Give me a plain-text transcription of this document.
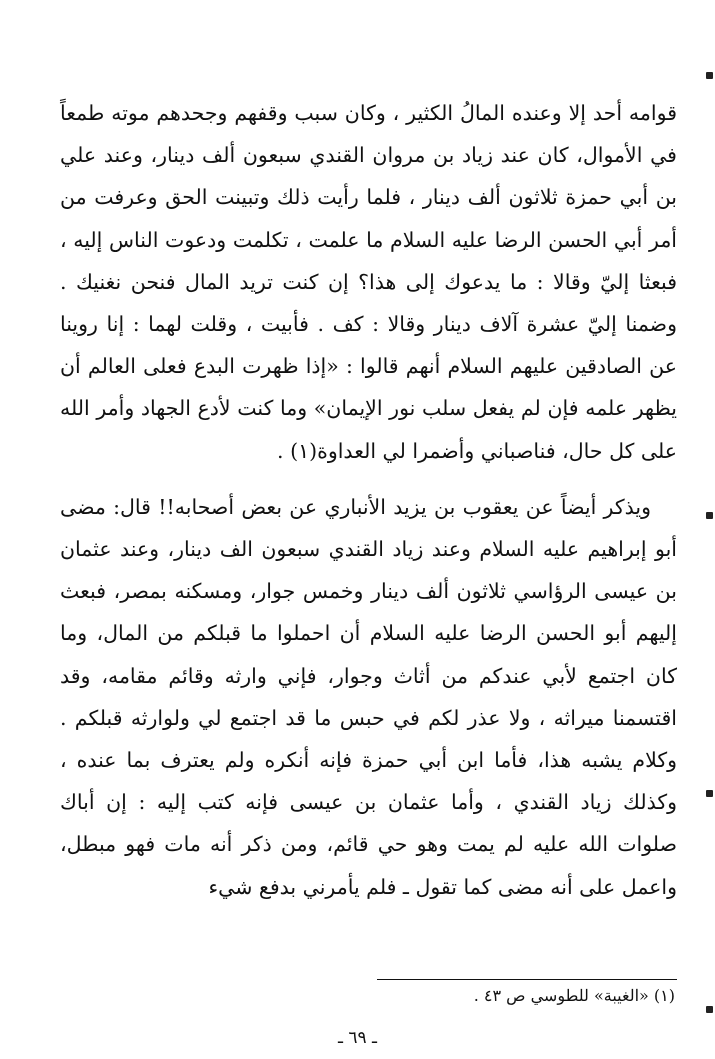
قوامه أحد إلا وعنده المالُ الكثير ، وكان سبب وقفهم وجحدهم موته طمعاً في الأموال، كان عند زياد بن مروان القندي سبعون ألف دينار، وعند علي بن أبي حمزة ثلاثون ألف دينار ، فلما رأيت ذلك وتبينت الحق وعرفت من أمر أبي الحسن الرضا عليه السلام ما علمت ، تكلمت ودعوت الناس إليه ، فبعثا إليّ وقالا : ما يدعوك إلى هذا؟ إن كنت تريد المال فنحن نغنيك . وضمنا إليّ عشرة آلاف دينار وقالا : كف . فأبيت ، وقلت لهما : إنا روينا عن الصادقين عليهم السلام أنهم قالوا : «إذا ظهرت البدع فعلى العالم أن يظهر علمه فإن لم يفعل سلب نور الإيمان» وما كنت لأدع الجهاد وأمر الله على كل حال، فناصباني وأضمرا لي العداوة(١) .

ويذكر أيضاً عن يعقوب بن يزيد الأنباري عن بعض أصحابه!! قال: مضى أبو إبراهيم عليه السلام وعند زياد القندي سبعون الف دينار، وعند عثمان بن عيسى الرؤاسي ثلاثون ألف دينار وخمس جوار، ومسكنه بمصر، فبعث إليهم أبو الحسن الرضا عليه السلام أن احملوا ما قبلكم من المال، وما كان اجتمع لأبي عندكم من أثاث وجوار، فإني وارثه وقائم مقامه، وقد اقتسمنا ميراثه ، ولا عذر لكم في حبس ما قد اجتمع لي ولوارثه قبلكم . وكلام يشبه هذا، فأما ابن أبي حمزة فإنه أنكره ولم يعترف بما عنده ، وكذلك زياد القندي ، وأما عثمان بن عيسى فإنه كتب إليه : إن أباك صلوات الله عليه لم يمت وهو حي قائم، ومن ذكر أنه مات فهو مبطل، واعمل على أنه مضى كما تقول ـ فلم يأمرني بدفع شيء

(١) «الغيبة» للطوسي ص ٤٣ .
ـ ٦٩ ـ
